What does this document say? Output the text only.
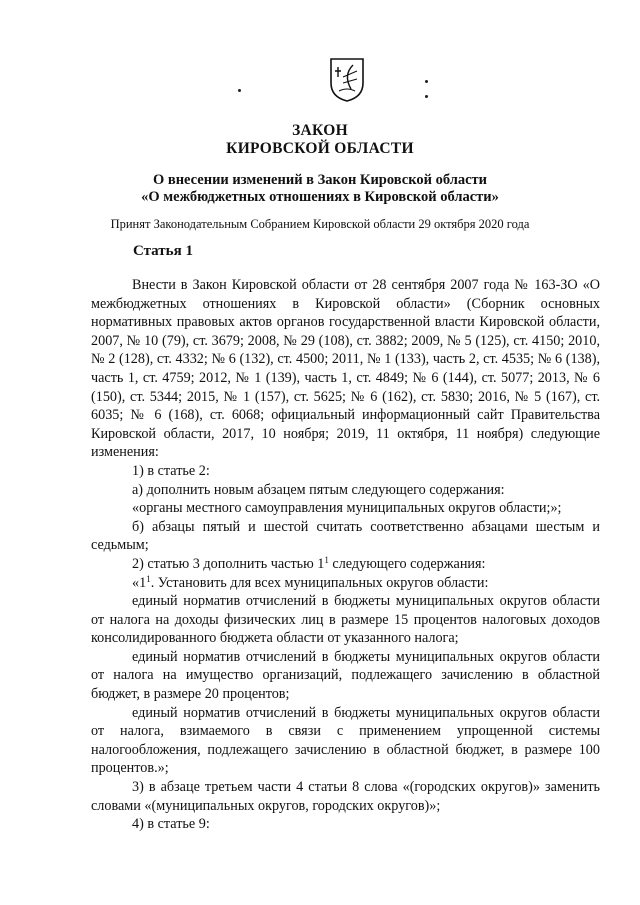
ЗАКОН
КИРОВСКОЙ ОБЛАСТИ
О внесении изменений в Закон Кировской области
«О межбюджетных отношениях в Кировской области»
Принят Законодательным Собранием Кировской области 29 октября 2020 года
Статья 1

Внести в Закон Кировской области от 28 сентября 2007 года № 163-ЗО «О межбюджетных отношениях в Кировской области» (Сборник основных нормативных правовых актов органов государственной власти Кировской области, 2007, № 10 (79), ст. 3679; 2008, № 29 (108), ст. 3882; 2009, № 5 (125), ст. 4150; 2010, № 2 (128), ст. 4332; № 6 (132), ст. 4500; 2011, № 1 (133), часть 2, ст. 4535; № 6 (138), часть 1, ст. 4759; 2012, № 1 (139), часть 1, ст. 4849; № 6 (144), ст. 5077; 2013, № 6 (150), ст. 5344; 2015, № 1 (157), ст. 5625; № 6 (162), ст. 5830; 2016, № 5 (167), ст. 6035; № 6 (168), ст. 6068; официальный информационный сайт Правительства Кировской области, 2017, 10 ноября; 2019, 11 октября, 11 ноября) следующие изменения:

1) в статье 2:

а) дополнить новым абзацем пятым следующего содержания:

«органы местного самоуправления муниципальных округов области;»;

б) абзацы пятый и шестой считать соответственно абзацами шестым и седьмым;

2) статью 3 дополнить частью $1^1$ следующего содержания:

«$1^1$. Установить для всех муниципальных округов области:

единый норматив отчислений в бюджеты муниципальных округов области от налога на доходы физических лиц в размере 15 процентов налоговых доходов консолидированного бюджета области от указанного налога;

единый норматив отчислений в бюджеты муниципальных округов области от налога на имущество организаций, подлежащего зачислению в областной бюджет, в размере 20 процентов;

единый норматив отчислений в бюджеты муниципальных округов области от налога, взимаемого в связи с применением упрощенной системы налогообложения, подлежащего зачислению в областной бюджет, в размере 100 процентов.»;

3) в абзаце третьем части 4 статьи 8 слова «(городских округов)» заменить словами «(муниципальных округов, городских округов)»;

4) в статье 9:
